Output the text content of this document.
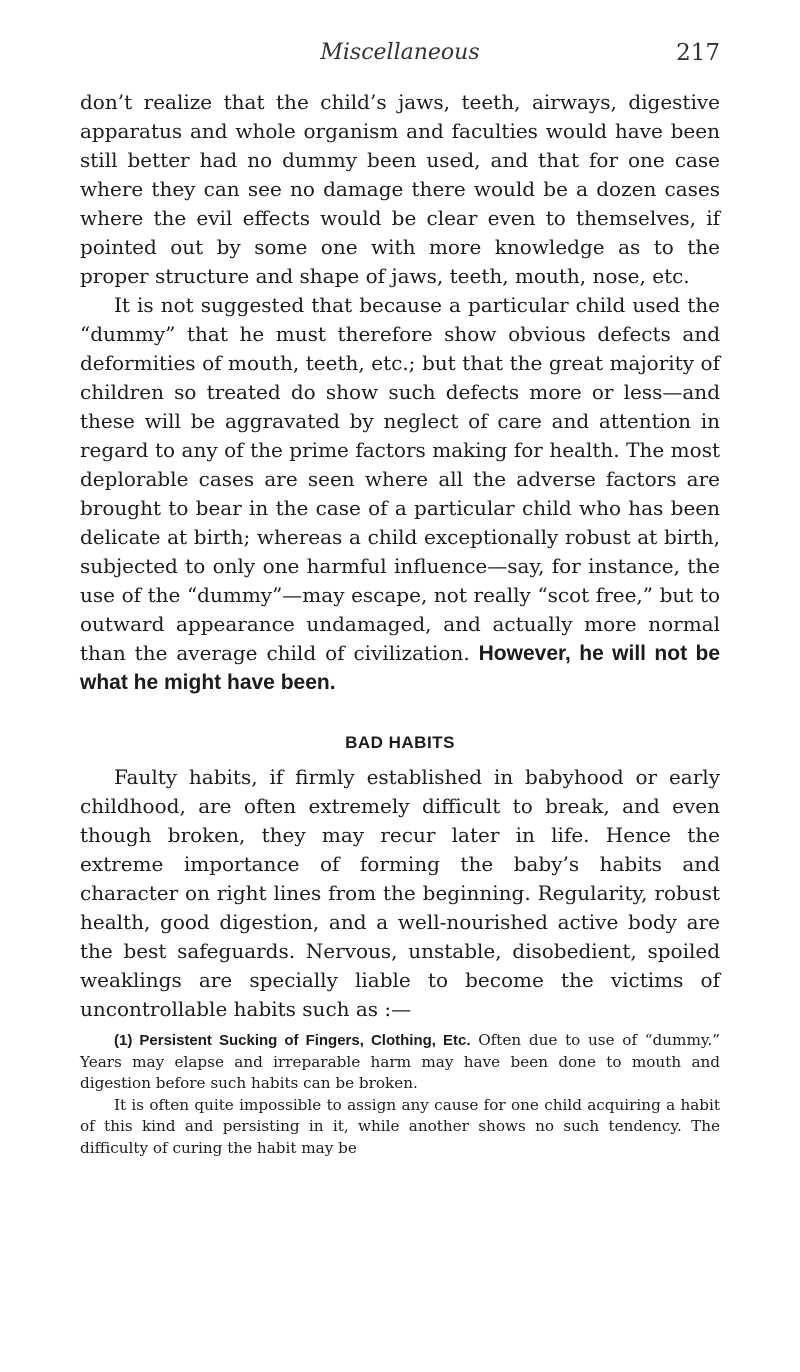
Miscellaneous	217

don’t realize that the child’s jaws, teeth, airways, digestive apparatus and whole organism and faculties would have been still better had no dummy been used, and that for one case where they can see no damage there would be a dozen cases where the evil effects would be clear even to themselves, if pointed out by some one with more knowledge as to the proper structure and shape of jaws, teeth, mouth, nose, etc.

It is not suggested that because a particular child used the “dummy” that he must therefore show obvious defects and deformities of mouth, teeth, etc.; but that the great majority of children so treated do show such defects more or less—and these will be aggravated by neglect of care and attention in regard to any of the prime factors making for health. The most deplorable cases are seen where all the adverse factors are brought to bear in the case of a particular child who has been delicate at birth; whereas a child exceptionally robust at birth, subjected to only one harmful influence—say, for instance, the use of the “dummy”—may escape, not really “scot free,” but to outward appearance undamaged, and actually more normal than the average child of civilization. However, he will not be what he might have been.

BAD HABITS

Faulty habits, if firmly established in babyhood or early childhood, are often extremely difficult to break, and even though broken, they may recur later in life. Hence the extreme importance of forming the baby’s habits and character on right lines from the beginning. Regularity, robust health, good digestion, and a well-nourished active body are the best safeguards. Nervous, unstable, disobedient, spoiled weaklings are specially liable to become the victims of uncontrollable habits such as :—

(1) Persistent Sucking of Fingers, Clothing, Etc. Often due to use of “dummy.” Years may elapse and irreparable harm may have been done to mouth and digestion before such habits can be broken.

It is often quite impossible to assign any cause for one child acquiring a habit of this kind and persisting in it, while another shows no such tendency. The difficulty of curing the habit may be
